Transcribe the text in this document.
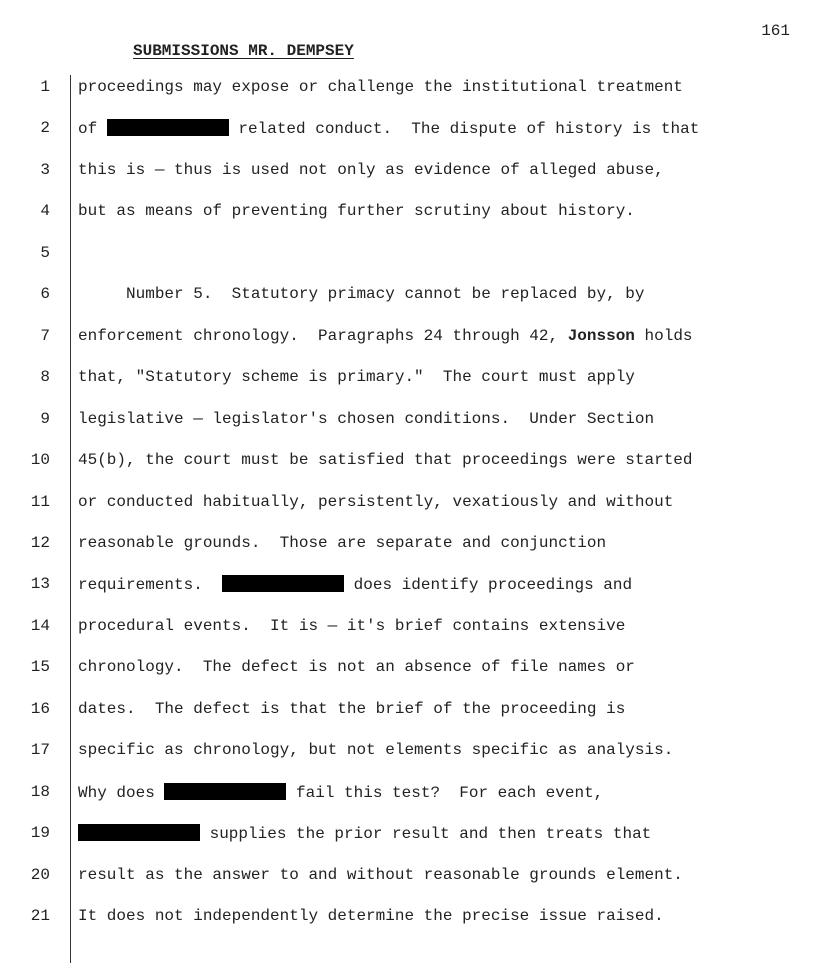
161
SUBMISSIONS MR. DEMPSEY
1 proceedings may expose or challenge the institutional treatment
2 of	related conduct.  The dispute of history is that
3 this is — thus is used not only as evidence of alleged abuse,
4 but as means of preventing further scrutiny about history.
5
6 Number 5.  Statutory primacy cannot be replaced by, by
7 enforcement chronology.  Paragraphs 24 through 42, Jonsson holds
8 that, "Statutory scheme is primary."  The court must apply
9 legislative — legislator's chosen conditions.  Under Section
10 45(b), the court must be satisfied that proceedings were started
11 or conducted habitually, persistently, vexatiously and without
12 reasonable grounds.  Those are separate and conjunction
13 requirements.	does identify proceedings and
14 procedural events.  It is — it's brief contains extensive
15 chronology.  The defect is not an absence of file names or
16 dates.  The defect is that the brief of the proceeding is
17 specific as chronology, but not elements specific as analysis.
18 Why does	fail this test?  For each event,
19	supplies the prior result and then treats that
20 result as the answer to and without reasonable grounds element.
21 It does not independently determine the precise issue raised.
